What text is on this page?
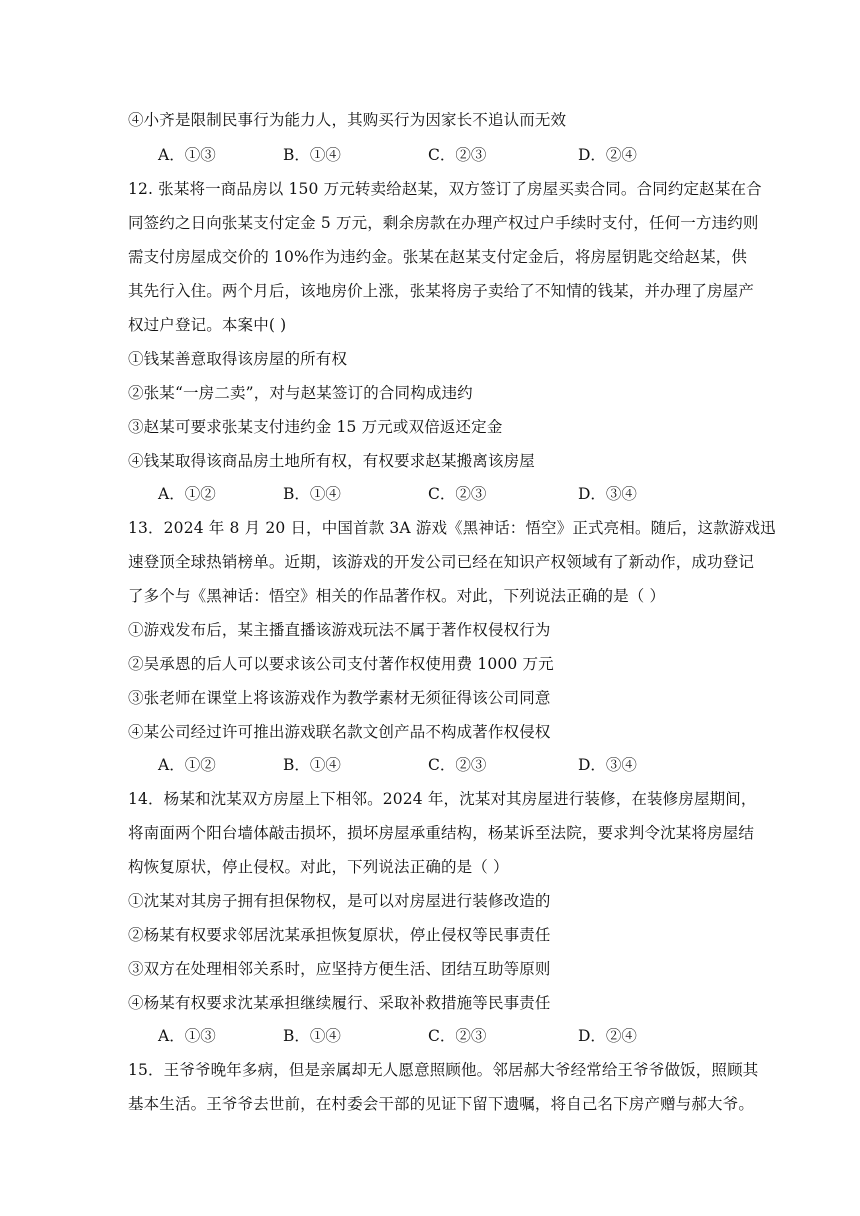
④小齐是限制民事行为能力人，其购买行为因家长不追认而无效
A．①③	B．①④	C．②③	D．②④
12. 张某将一商品房以 150 万元转卖给赵某，双方签订了房屋买卖合同。合同约定赵某在合
同签约之日向张某支付定金 5 万元，剩余房款在办理产权过户手续时支付，任何一方违约则
需支付房屋成交价的 10%作为违约金。张某在赵某支付定金后，将房屋钥匙交给赵某，供
其先行入住。两个月后，该地房价上涨，张某将房子卖给了不知情的钱某，并办理了房屋产
权过户登记。本案中( )
①钱某善意取得该房屋的所有权
②张某“一房二卖”，对与赵某签订的合同构成违约
③赵某可要求张某支付违约金 15 万元或双倍返还定金
④钱某取得该商品房土地所有权，有权要求赵某搬离该房屋
A．①②	B．①④	C．②③	D．③④
13．2024 年 8 月 20 日，中国首款 3A 游戏《黑神话：悟空》正式亮相。随后，这款游戏迅
速登顶全球热销榜单。近期，该游戏的开发公司已经在知识产权领域有了新动作，成功登记
了多个与《黑神话：悟空》相关的作品著作权。对此，下列说法正确的是（ ）
①游戏发布后，某主播直播该游戏玩法不属于著作权侵权行为
②吴承恩的后人可以要求该公司支付著作权使用费 1000 万元
③张老师在课堂上将该游戏作为教学素材无须征得该公司同意
④某公司经过许可推出游戏联名款文创产品不构成著作权侵权
A．①②	B．①④	C．②③	D．③④
14．杨某和沈某双方房屋上下相邻。2024 年，沈某对其房屋进行装修，在装修房屋期间，
将南面两个阳台墙体敲击损坏，损坏房屋承重结构，杨某诉至法院，要求判令沈某将房屋结
构恢复原状，停止侵权。对此，下列说法正确的是（ ）
①沈某对其房子拥有担保物权，是可以对房屋进行装修改造的
②杨某有权要求邻居沈某承担恢复原状，停止侵权等民事责任
③双方在处理相邻关系时，应坚持方便生活、团结互助等原则
④杨某有权要求沈某承担继续履行、采取补救措施等民事责任
A．①③	B．①④	C．②③	D．②④
15．王爷爷晚年多病，但是亲属却无人愿意照顾他。邻居郝大爷经常给王爷爷做饭，照顾其
基本生活。王爷爷去世前，在村委会干部的见证下留下遗嘱，将自己名下房产赠与郝大爷。
